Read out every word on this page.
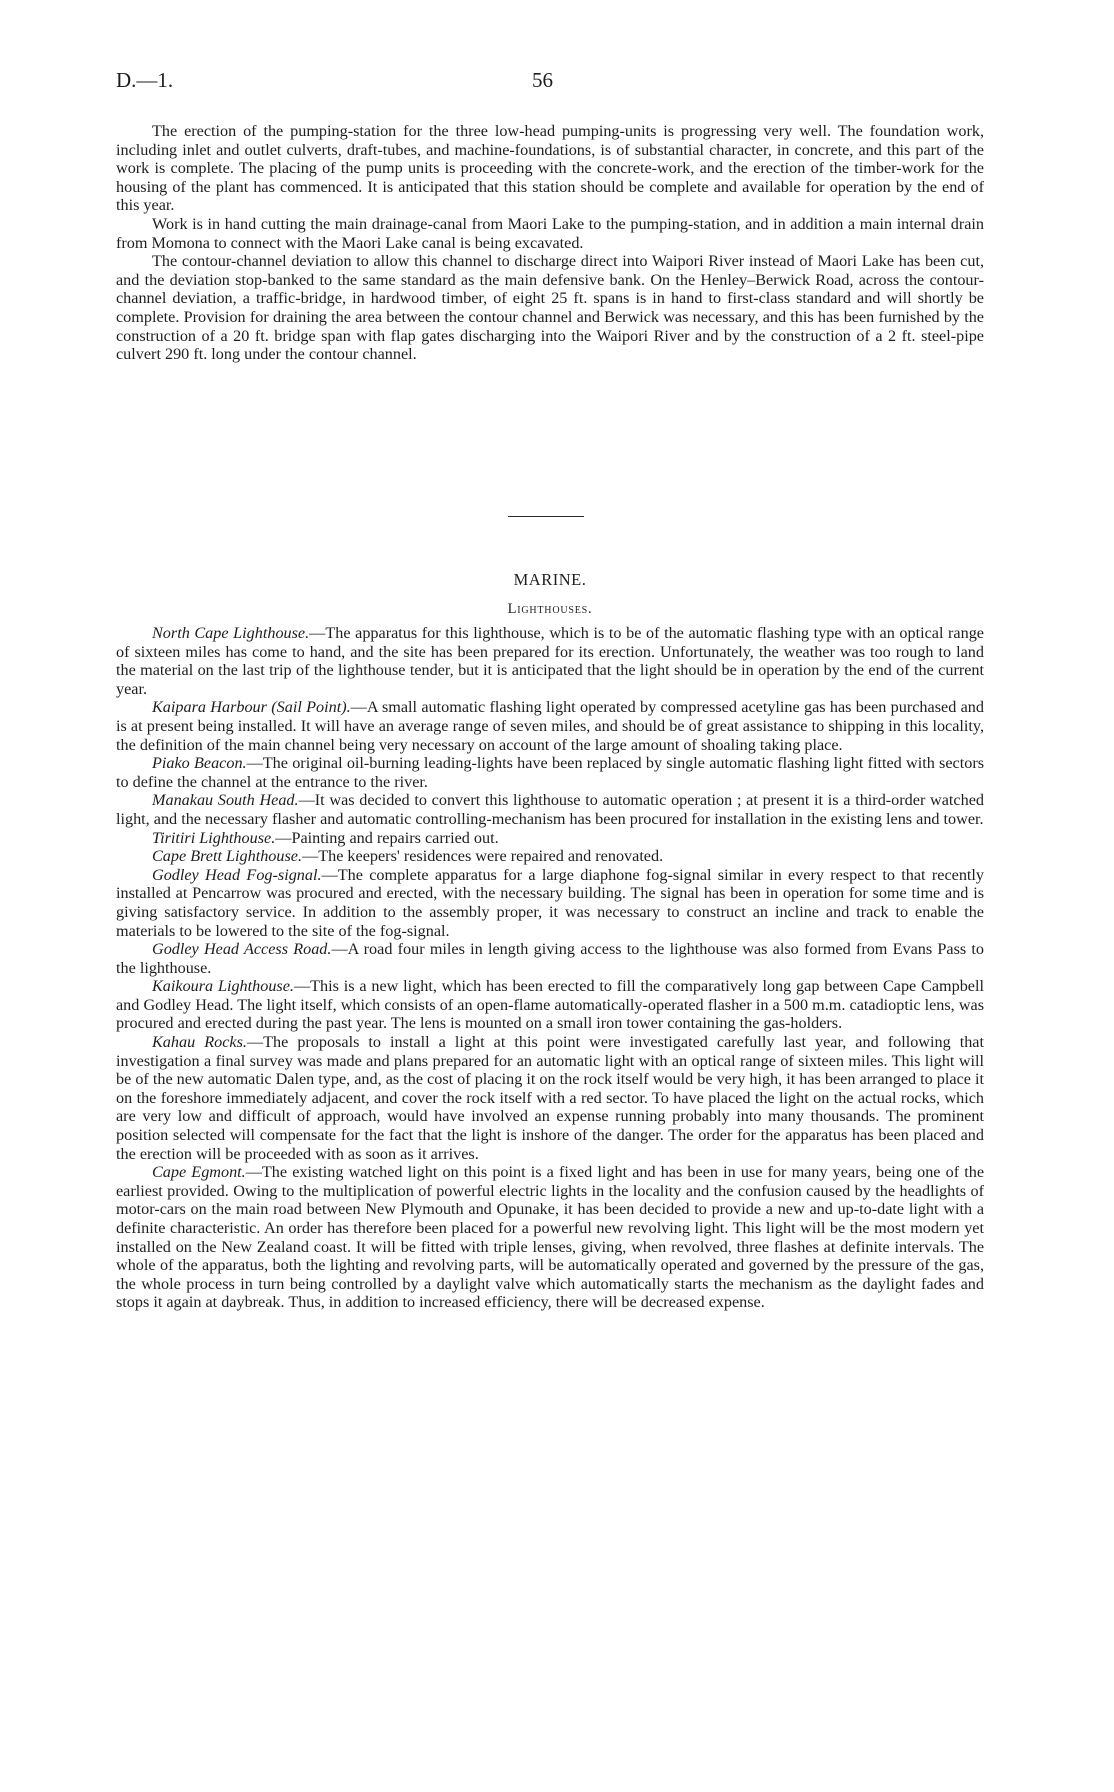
D.—1.	56

The erection of the pumping-station for the three low-head pumping-units is progressing very well. The foundation work, including inlet and outlet culverts, draft-tubes, and machine-foundations, is of substantial character, in concrete, and this part of the work is complete. The placing of the pump units is proceeding with the concrete-work, and the erection of the timber-work for the housing of the plant has commenced. It is anticipated that this station should be complete and available for operation by the end of this year.

Work is in hand cutting the main drainage-canal from Maori Lake to the pumping-station, and in addition a main internal drain from Momona to connect with the Maori Lake canal is being excavated.

The contour-channel deviation to allow this channel to discharge direct into Waipori River instead of Maori Lake has been cut, and the deviation stop-banked to the same standard as the main defensive bank. On the Henley–Berwick Road, across the contour-channel deviation, a traffic-bridge, in hardwood timber, of eight 25 ft. spans is in hand to first-class standard and will shortly be complete. Provision for draining the area between the contour channel and Berwick was necessary, and this has been furnished by the construction of a 20 ft. bridge span with flap gates discharging into the Waipori River and by the construction of a 2 ft. steel-pipe culvert 290 ft. long under the contour channel.

MARINE.
Lighthouses.

North Cape Lighthouse.—The apparatus for this lighthouse, which is to be of the automatic flashing type with an optical range of sixteen miles has come to hand, and the site has been prepared for its erection. Unfortunately, the weather was too rough to land the material on the last trip of the lighthouse tender, but it is anticipated that the light should be in operation by the end of the current year.

Kaipara Harbour (Sail Point).—A small automatic flashing light operated by compressed acetyline gas has been purchased and is at present being installed. It will have an average range of seven miles, and should be of great assistance to shipping in this locality, the definition of the main channel being very necessary on account of the large amount of shoaling taking place.

Piako Beacon.—The original oil-burning leading-lights have been replaced by single automatic flashing light fitted with sectors to define the channel at the entrance to the river.

Manakau South Head.—It was decided to convert this lighthouse to automatic operation ; at present it is a third-order watched light, and the necessary flasher and automatic controlling-mechanism has been procured for installation in the existing lens and tower.

Tiritiri Lighthouse.—Painting and repairs carried out.

Cape Brett Lighthouse.—The keepers' residences were repaired and renovated.

Godley Head Fog-signal.—The complete apparatus for a large diaphone fog-signal similar in every respect to that recently installed at Pencarrow was procured and erected, with the necessary building. The signal has been in operation for some time and is giving satisfactory service. In addition to the assembly proper, it was necessary to construct an incline and track to enable the materials to be lowered to the site of the fog-signal.

Godley Head Access Road.—A road four miles in length giving access to the lighthouse was also formed from Evans Pass to the lighthouse.

Kaikoura Lighthouse.—This is a new light, which has been erected to fill the comparatively long gap between Cape Campbell and Godley Head. The light itself, which consists of an open-flame automatically-operated flasher in a 500 m.m. catadioptic lens, was procured and erected during the past year. The lens is mounted on a small iron tower containing the gas-holders.

Kahau Rocks.—The proposals to install a light at this point were investigated carefully last year, and following that investigation a final survey was made and plans prepared for an automatic light with an optical range of sixteen miles. This light will be of the new automatic Dalen type, and, as the cost of placing it on the rock itself would be very high, it has been arranged to place it on the foreshore immediately adjacent, and cover the rock itself with a red sector. To have placed the light on the actual rocks, which are very low and difficult of approach, would have involved an expense running probably into many thousands. The prominent position selected will compensate for the fact that the light is inshore of the danger. The order for the apparatus has been placed and the erection will be proceeded with as soon as it arrives.

Cape Egmont.—The existing watched light on this point is a fixed light and has been in use for many years, being one of the earliest provided. Owing to the multiplication of powerful electric lights in the locality and the confusion caused by the headlights of motor-cars on the main road between New Plymouth and Opunake, it has been decided to provide a new and up-to-date light with a definite characteristic. An order has therefore been placed for a powerful new revolving light. This light will be the most modern yet installed on the New Zealand coast. It will be fitted with triple lenses, giving, when revolved, three flashes at definite intervals. The whole of the apparatus, both the lighting and revolving parts, will be automatically operated and governed by the pressure of the gas, the whole process in turn being controlled by a daylight valve which automatically starts the mechanism as the daylight fades and stops it again at daybreak. Thus, in addition to increased efficiency, there will be decreased expense.
